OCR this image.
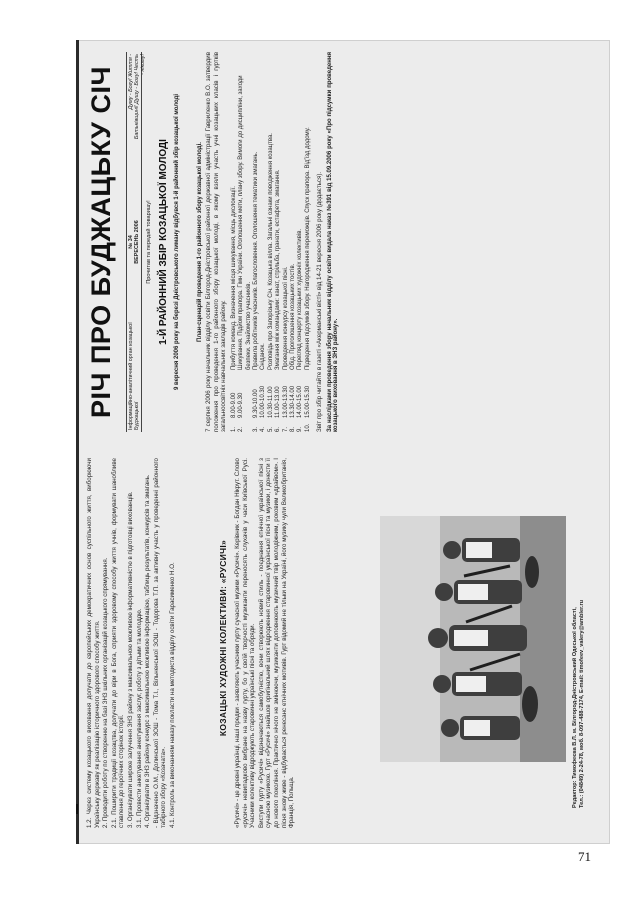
1.2. Через систему козацького виховання долучати до європейських демократичних основ суспільного життя, виборюючи Українську державу як реалізацію історичного здорового способу життя. 2. Проводити роботу по створенню на базі ЗНЗ шкільних організацій козацького спрямування. 2.1. Поширити традиції козацтва, долучати до віри в Бога, сприяти здоровому способу життя учнів, формувати шанобливе ставлення до героїчних сторінок історії. 3. Організувати широке залучення ЗНЗ району з максимальною можливою інформативністю в підготовці вихованців. 3.1. Провести анкетування анкетування заслуг, роботу з дітьми та молоддю. 4. Організувати в ЗНЗ району конкурс з максимальною можливою інформацією, таблиць результатів, конкурсів та змагань. - Відзначено О.М., Долинської ЗОШ - Тома Т.І., Вільненської ЗОШ - Тодорова Т.П. за активну участь у проведенні районного табірного збору «Козачата». 4.1. Контроль за виконанням наказу покласти на методиста відділу освіти Гарасименко Н.О.	КОЗАЦЬКІ ХУДОЖНІ КОЛЕКТИВИ: «РУСИЧІ» «Русичі» - це древні українці, наші предки - заявляють учасники гурту сучасної музики «Русичі». Керівник - Богдан Нікрут. Слово «русичі» невипадково вибране на назву гурту, бо у своїй творчості музиканти переносять слухачів у часи Київської Русі. Учасники колективу відроджують старовинні українські пісні та обряди. Виступи гурту «Русичі» відзначаються самобутністю, вони створюють новий стиль - поєднання етнічної української пісні з сучасною музикою. Гурт «Русичі» знайшов оригінальний шлях відродження старовинної української пісні та музики, і донести її до нового покоління. Практично нічого не змінюючи, музиканти доповнюють музичний твір молодіжним, роковим «драйвом». І пісня знову живе - відбувається ренесанс етнічних мотивів. Гурт відомий не тільки на Україні, його музику чули Великобританія, Франція, Польща.	Редактор: Тимофеєва В.Л. м. Білгород-Дністровський Одеської області, Тел.: (04849) 2-24-78, моб. 8-097-488-7174, E-mail: timofeev_valery@ambler.ru
РІЧ ПРО БУДЖАЦЬКУ СІЧ Інформаційно-аналітичний орган козацької Буджацької
№ 34 ВЕРЕСЕНЬ 2006
Думу - Богу! Життя - Батьківщині! Душу - Богу! Честь - нікому!
Прочитав та передай товаришу! 1-Й РАЙОННИЙ ЗБІР КОЗАЦЬКОЇ МОЛОДІ 9 вересня 2006 року на березі Дністровського лиману відбувся 1-й районний збір козацької молоді	План-сценарій проведення 1-го районного збору козацької молоді. 7 серпня 2006 року начальник відділу освіти Білгород-Дністровської районної державної адміністрації Гавриленко В.О. затвердив положення про проведення 1-го районного збору козацької молоді, в якому взяли участь учні козацьких класів і гуртків загальноосвітніх навчальних закладів району. 1.
8.00-9.00
Прибуття команд. Визначення місця шикування, місць дислокації.
2.
9.00-9.30
Шикування. Підйом прапора. Гімн України. Оголошення мети, плану збору. Вимоги до дисципліни, заходи безпеки. Знайомство учасників.
3.
9.30-10.00
Правила робітників учасників. Благословення. Оголошення тематики змагань.
4.
10.00-10.30
Сніданок.
5.
10.30-11.00
Розповідь про Запорізьку Січ. Козацька вілла. Загальні ознаки поводження козацтва.
6.
11.00-13.00
Змагання між командами: канат, стрільба, гранати, естафета, змагання.
7.
13.00-13.30
Проведення конкурсу козацької пісні.
8.
13.30-14.00
Обід. Проголошення козацьких тостів.
9.
14.00-15.00
Перегляд концерту козацьких художніх колективів.
10.
15.00-15.30
Підведення підсумків збору. Нагородження переможців. Спуск прапора. Від'їзд додому. Звіт про збір читайте в газеті «Акерманські вісті» від 14-21 вересня 2006 року (додається). За наслідками проведення збору начальник відділу освіти видала наказ №391 від 15.09.2006 року «Про підсумки проведення козацького виховання в ЗНЗ району».
71
